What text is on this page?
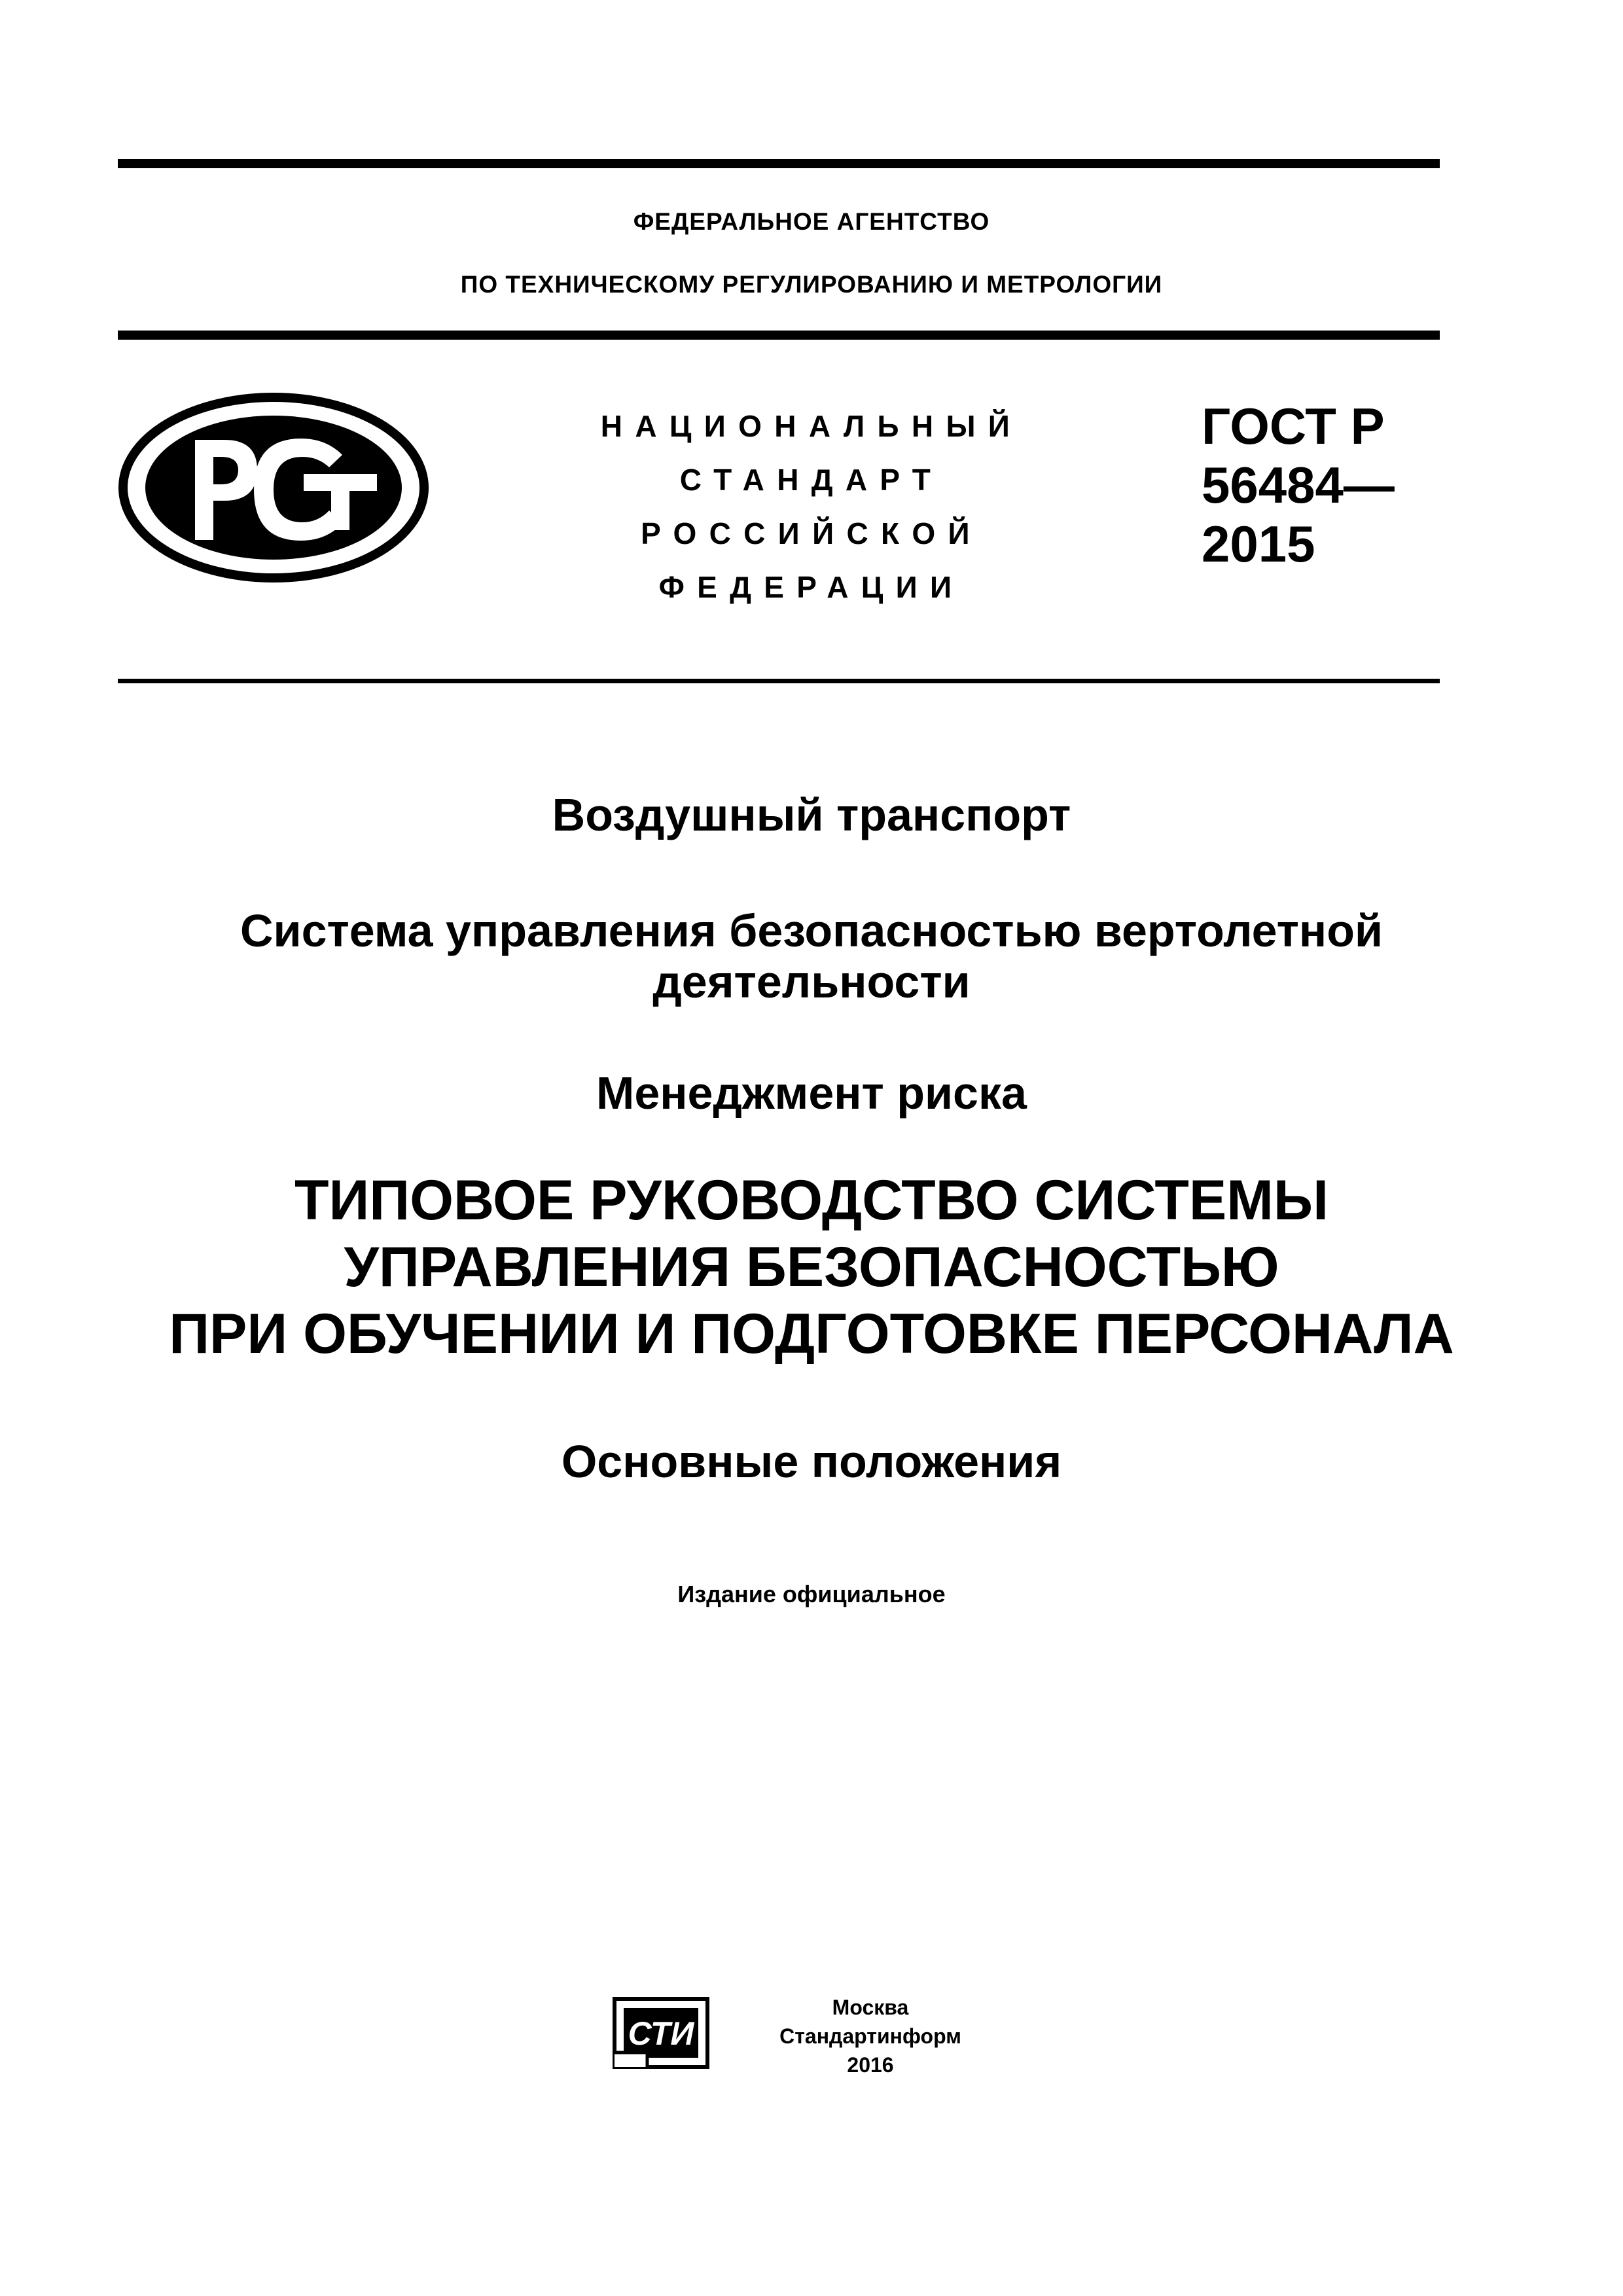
ФЕДЕРАЛЬНОЕ АГЕНТСТВО
ПО ТЕХНИЧЕСКОМУ РЕГУЛИРОВАНИЮ И МЕТРОЛОГИИ
НАЦИОНАЛЬНЫЙ
СТАНДАРТ
РОССИЙСКОЙ
ФЕДЕРАЦИИ
ГОСТ Р
56484—
2015
Воздушный транспорт
Система управления безопасностью вертолетной
деятельности
Менеджмент риска
ТИПОВОЕ РУКОВОДСТВО СИСТЕМЫ
УПРАВЛЕНИЯ БЕЗОПАСНОСТЬЮ
ПРИ ОБУЧЕНИИ И ПОДГОТОВКЕ ПЕРСОНАЛА
Основные положения
Издание официальное
СТИ
Москва
Стандартинформ
2016
